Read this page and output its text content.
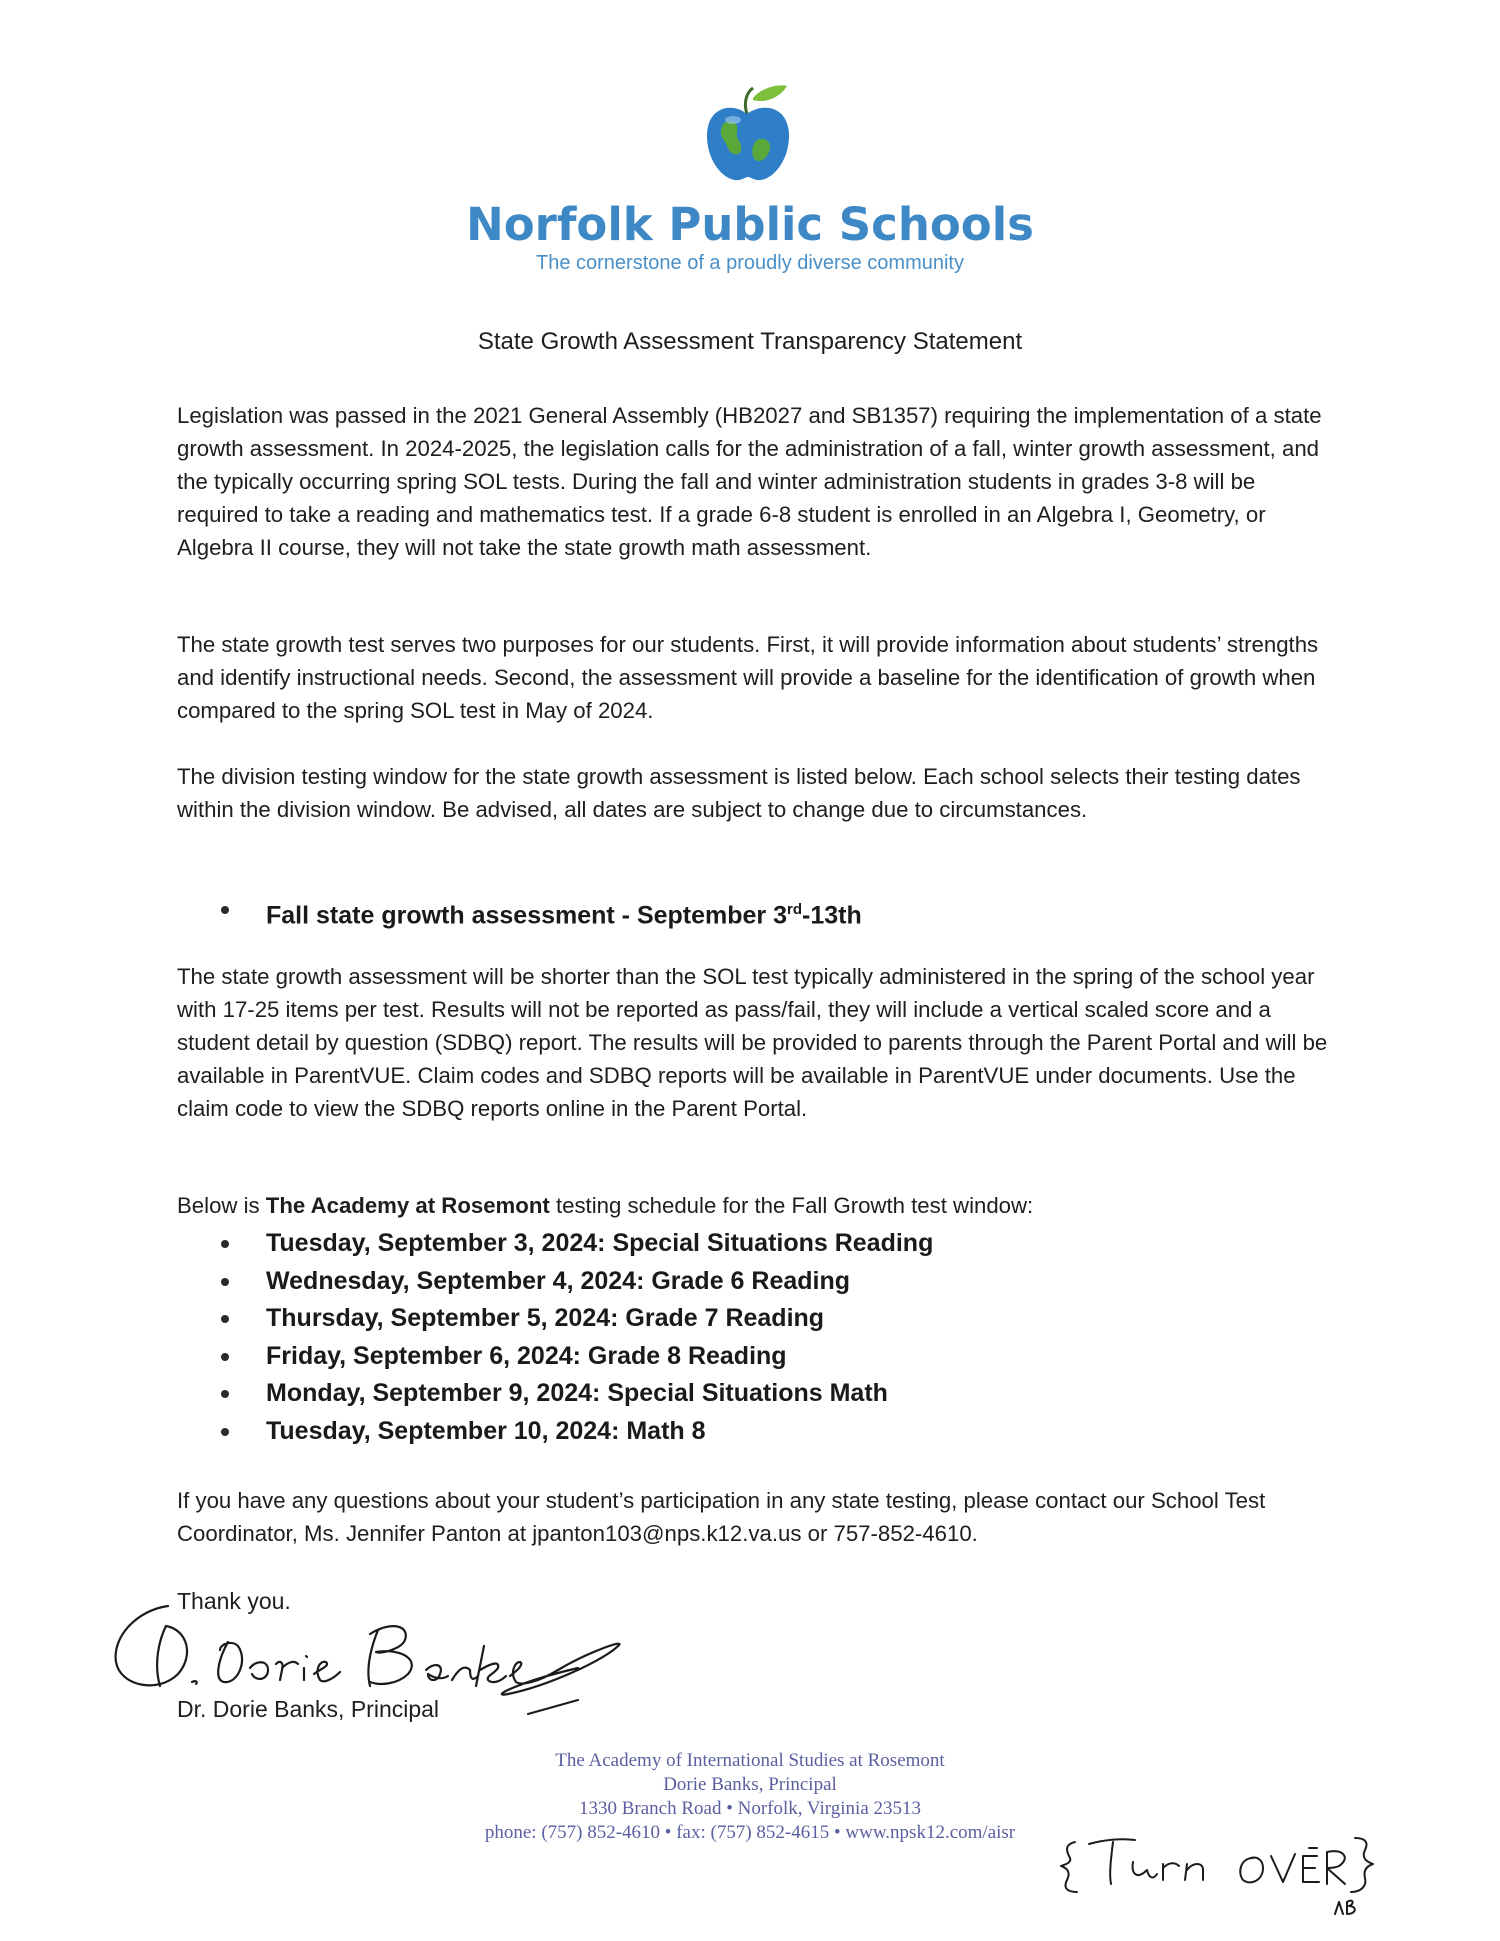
Norfolk Public Schools
The cornerstone of a proudly diverse community
State Growth Assessment Transparency Statement

Legislation was passed in the 2021 General Assembly (HB2027 and SB1357) requiring the implementation of a state growth assessment. In 2024-2025, the legislation calls for the administration of a fall, winter growth assessment, and the typically occurring spring SOL tests. During the fall and winter administration students in grades 3-8 will be required to take a reading and mathematics test. If a grade 6-8 student is enrolled in an Algebra I, Geometry, or Algebra II course, they will not take the state growth math assessment.

The state growth test serves two purposes for our students. First, it will provide information about students’ strengths and identify instructional needs. Second, the assessment will provide a baseline for the identification of growth when compared to the spring SOL test in May of 2024.

The division testing window for the state growth assessment is listed below. Each school selects their testing dates within the division window. Be advised, all dates are subject to change due to circumstances.

Fall state growth assessment - September 3rd-13th

The state growth assessment will be shorter than the SOL test typically administered in the spring of the school year with 17-25 items per test. Results will not be reported as pass/fail, they will include a vertical scaled score and a student detail by question (SDBQ) report. The results will be provided to parents through the Parent Portal and will be available in ParentVUE. Claim codes and SDBQ reports will be available in ParentVUE under documents. Use the claim code to view the SDBQ reports online in the Parent Portal.

Below is The Academy at Rosemont testing schedule for the Fall Growth test window:

Tuesday, September 3, 2024: Special Situations Reading
Wednesday, September 4, 2024: Grade 6 Reading
Thursday, September 5, 2024: Grade 7 Reading
Friday, September 6, 2024: Grade 8 Reading
Monday, September 9, 2024: Special Situations Math
Tuesday, September 10, 2024: Math 8

If you have any questions about your student’s participation in any state testing, please contact our School Test Coordinator, Ms. Jennifer Panton at jpanton103@nps.k12.va.us or 757-852-4610.

Thank you.
Dr. Dorie Banks, Principal
The Academy of International Studies at Rosemont
Dorie Banks, Principal
1330 Branch Road • Norfolk, Virginia 23513
phone: (757) 852-4610 • fax: (757) 852-4615 • www.npsk12.com/aisr
